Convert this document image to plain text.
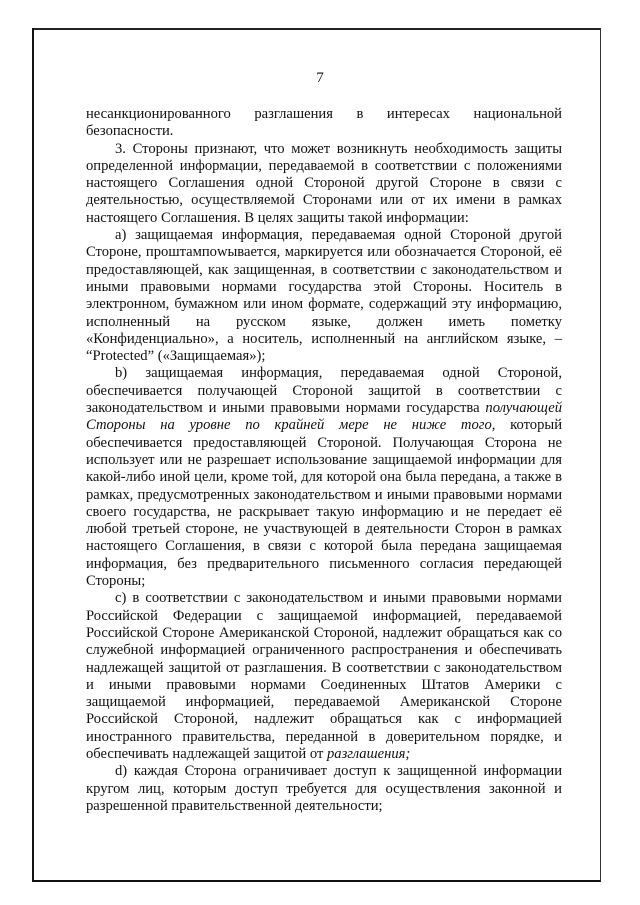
7

несанкционированного разглашения в интересах национальной безопасности.

3. Стороны признают, что может возникнуть необходимость защиты определенной информации, передаваемой в соответствии с положениями настоящего Соглашения одной Стороной другой Стороне в связи с деятельностью, осуществляемой Сторонами или от их имени в рамках настоящего Соглашения. В целях защиты такой информации:

а) защищаемая информация, передаваемая одной Стороной другой Стороне, проштампowывается, маркируется или обозначается Стороной, её предоставляющей, как защищенная, в соответствии с законодательством и иными правовыми нормами государства этой Стороны. Носитель в электронном, бумажном или ином формате, содержащий эту информацию, исполненный на русском языке, должен иметь пометку «Конфиденциально», а носитель, исполненный на английском языке, – “Protected” («Защищаемая»);

b) защищаемая информация, передаваемая одной Стороной, обеспечивается получающей Стороной защитой в соответствии с законодательством и иными правовыми нормами государства получающей Стороны на уровне по крайней мере не ниже того, который обеспечивается предоставляющей Стороной. Получающая Сторона не использует или не разрешает использование защищаемой информации для какой-либо иной цели, кроме той, для которой она была передана, а также в рамках, предусмотренных законодательством и иными правовыми нормами своего государства, не раскрывает такую информацию и не передает её любой третьей стороне, не участвующей в деятельности Сторон в рамках настоящего Соглашения, в связи с которой была передана защищаемая информация, без предварительного письменного согласия передающей Стороны;

c) в соответствии с законодательством и иными правовыми нормами Российской Федерации с защищаемой информацией, передаваемой Российской Стороне Американской Стороной, надлежит обращаться как со служебной информацией ограниченного распространения и обеспечивать надлежащей защитой от разглашения. В соответствии с законодательством и иными правовыми нормами Соединенных Штатов Америки с защищаемой информацией, передаваемой Американской Стороне Российской Стороной, надлежит обращаться как с информацией иностранного правительства, переданной в доверительном порядке, и обеспечивать надлежащей защитой от разглашения;

d) каждая Сторона ограничивает доступ к защищенной информации кругом лиц, которым доступ требуется для осуществления законной и разрешенной правительственной деятельности;
